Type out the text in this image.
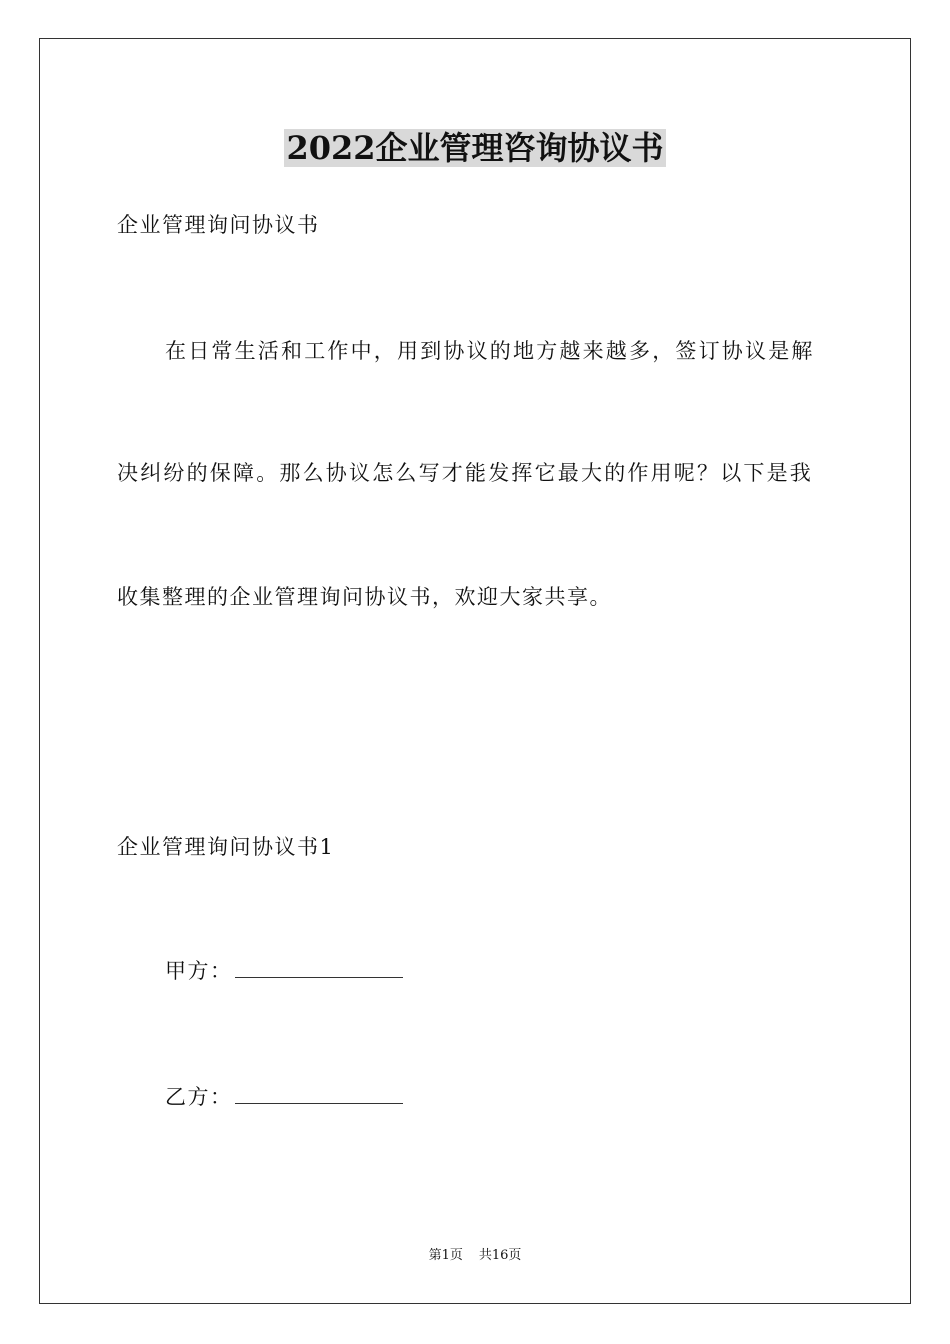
2022企业管理咨询协议书
企业管理询问协议书
在日常生活和工作中，用到协议的地方越来越多，签订协议是解
决纠纷的保障。那么协议怎么写才能发挥它最大的作用呢？以下是我
收集整理的企业管理询问协议书，欢迎大家共享。
企业管理询问协议书1
甲方：
乙方：
第1页 共16页
